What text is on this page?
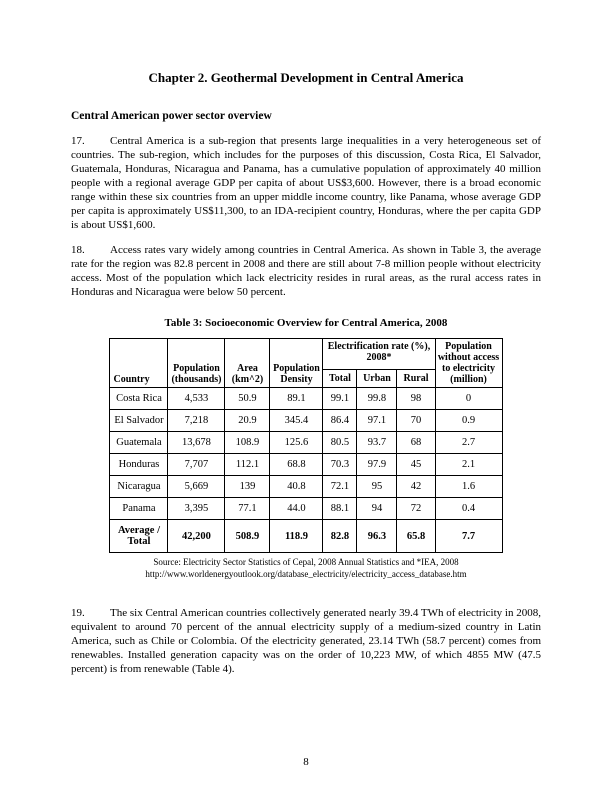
Chapter 2. Geothermal Development in Central America
Central American power sector overview

17. Central America is a sub-region that presents large inequalities in a very heterogeneous set of countries. The sub-region, which includes for the purposes of this discussion, Costa Rica, El Salvador, Guatemala, Honduras, Nicaragua and Panama, has a cumulative population of approximately 40 million people with a regional average GDP per capita of about US$3,600. However, there is a broad economic range within these six countries from an upper middle income country, like Panama, whose average GDP per capita is approximately US$11,300, to an IDA-recipient country, Honduras, where the per capita GDP is about US$1,600.

18. Access rates vary widely among countries in Central America. As shown in Table 3, the average rate for the region was 82.8 percent in 2008 and there are still about 7-8 million people without electricity access. Most of the population which lack electricity resides in rural areas, as the rural access rates in Honduras and Nicaragua were below 50 percent.

Table 3: Socioeconomic Overview for Central America, 2008
Country	Population (thousands)	Area (km^2)	Population Density	Electrification rate (%), 2008*			Population without access to electricity (million)
				Total	Urban	Rural	
Costa Rica	4,533	50.9	89.1	99.1	99.8	98	0
El Salvador	7,218	20.9	345.4	86.4	97.1	70	0.9
Guatemala	13,678	108.9	125.6	80.5	93.7	68	2.7
Honduras	7,707	112.1	68.8	70.3	97.9	45	2.1
Nicaragua	5,669	139	40.8	72.1	95	42	1.6
Panama	3,395	77.1	44.0	88.1	94	72	0.4
Average / Total	42,200	508.9	118.9	82.8	96.3	65.8	7.7
Source: Electricity Sector Statistics of Cepal, 2008 Annual Statistics and *IEA, 2008
http://www.worldenergyoutlook.org/database_electricity/electricity_access_database.htm

19. The six Central American countries collectively generated nearly 39.4 TWh of electricity in 2008, equivalent to around 70 percent of the annual electricity supply of a medium-sized country in Latin America, such as Chile or Colombia. Of the electricity generated, 23.14 TWh (58.7 percent) comes from renewables. Installed generation capacity was on the order of 10,223 MW, of which 4855 MW (47.5 percent) is from renewable (Table 4).

8
